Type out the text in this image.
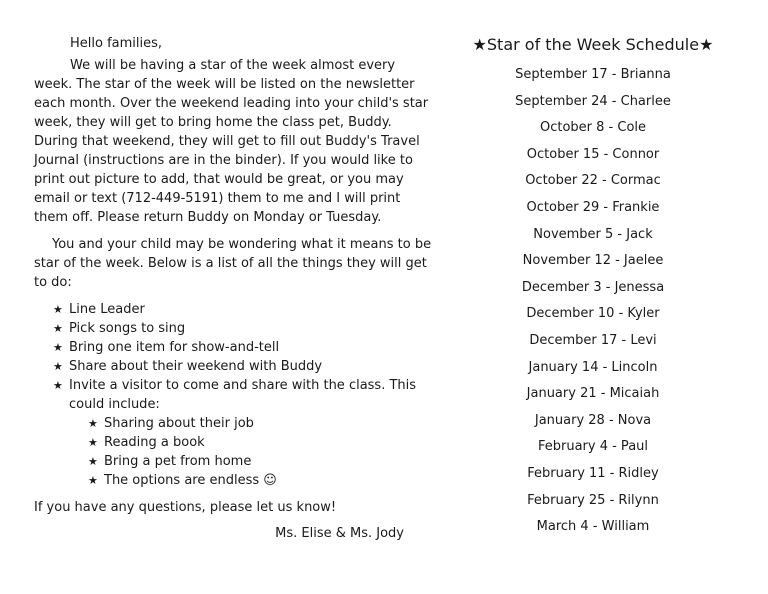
Hello families,

We will be having a star of the week almost every week. The star of the week will be listed on the newsletter each month. Over the weekend leading into your child's star week, they will get to bring home the class pet, Buddy. During that weekend, they will get to fill out Buddy's Travel Journal (instructions are in the binder). If you would like to print out picture to add, that would be great, or you may email or text (712-449-5191) them to me and I will print them off. Please return Buddy on Monday or Tuesday.

You and your child may be wondering what it means to be star of the week. Below is a list of all the things they will get to do:

★ Line Leader
★ Pick songs to sing
★ Bring one item for show-and-tell
★ Share about their weekend with Buddy
★ Invite a visitor to come and share with the class. This could include:
★ Sharing about their job
★ Reading a book
★ Bring a pet from home
★ The options are endless ☺

If you have any questions, please let us know!

Ms. Elise & Ms. Jody

★Star of the Week Schedule★
September 17 - Brianna
September 24 - Charlee
October 8 - Cole
October 15 - Connor
October 22 - Cormac
October 29 - Frankie
November 5 - Jack
November 12 - Jaelee
December 3 - Jenessa
December 10 - Kyler
December 17 - Levi
January 14 - Lincoln
January 21 - Micaiah
January 28 - Nova
February 4 - Paul
February 11 - Ridley
February 25 - Rilynn
March 4 - William
